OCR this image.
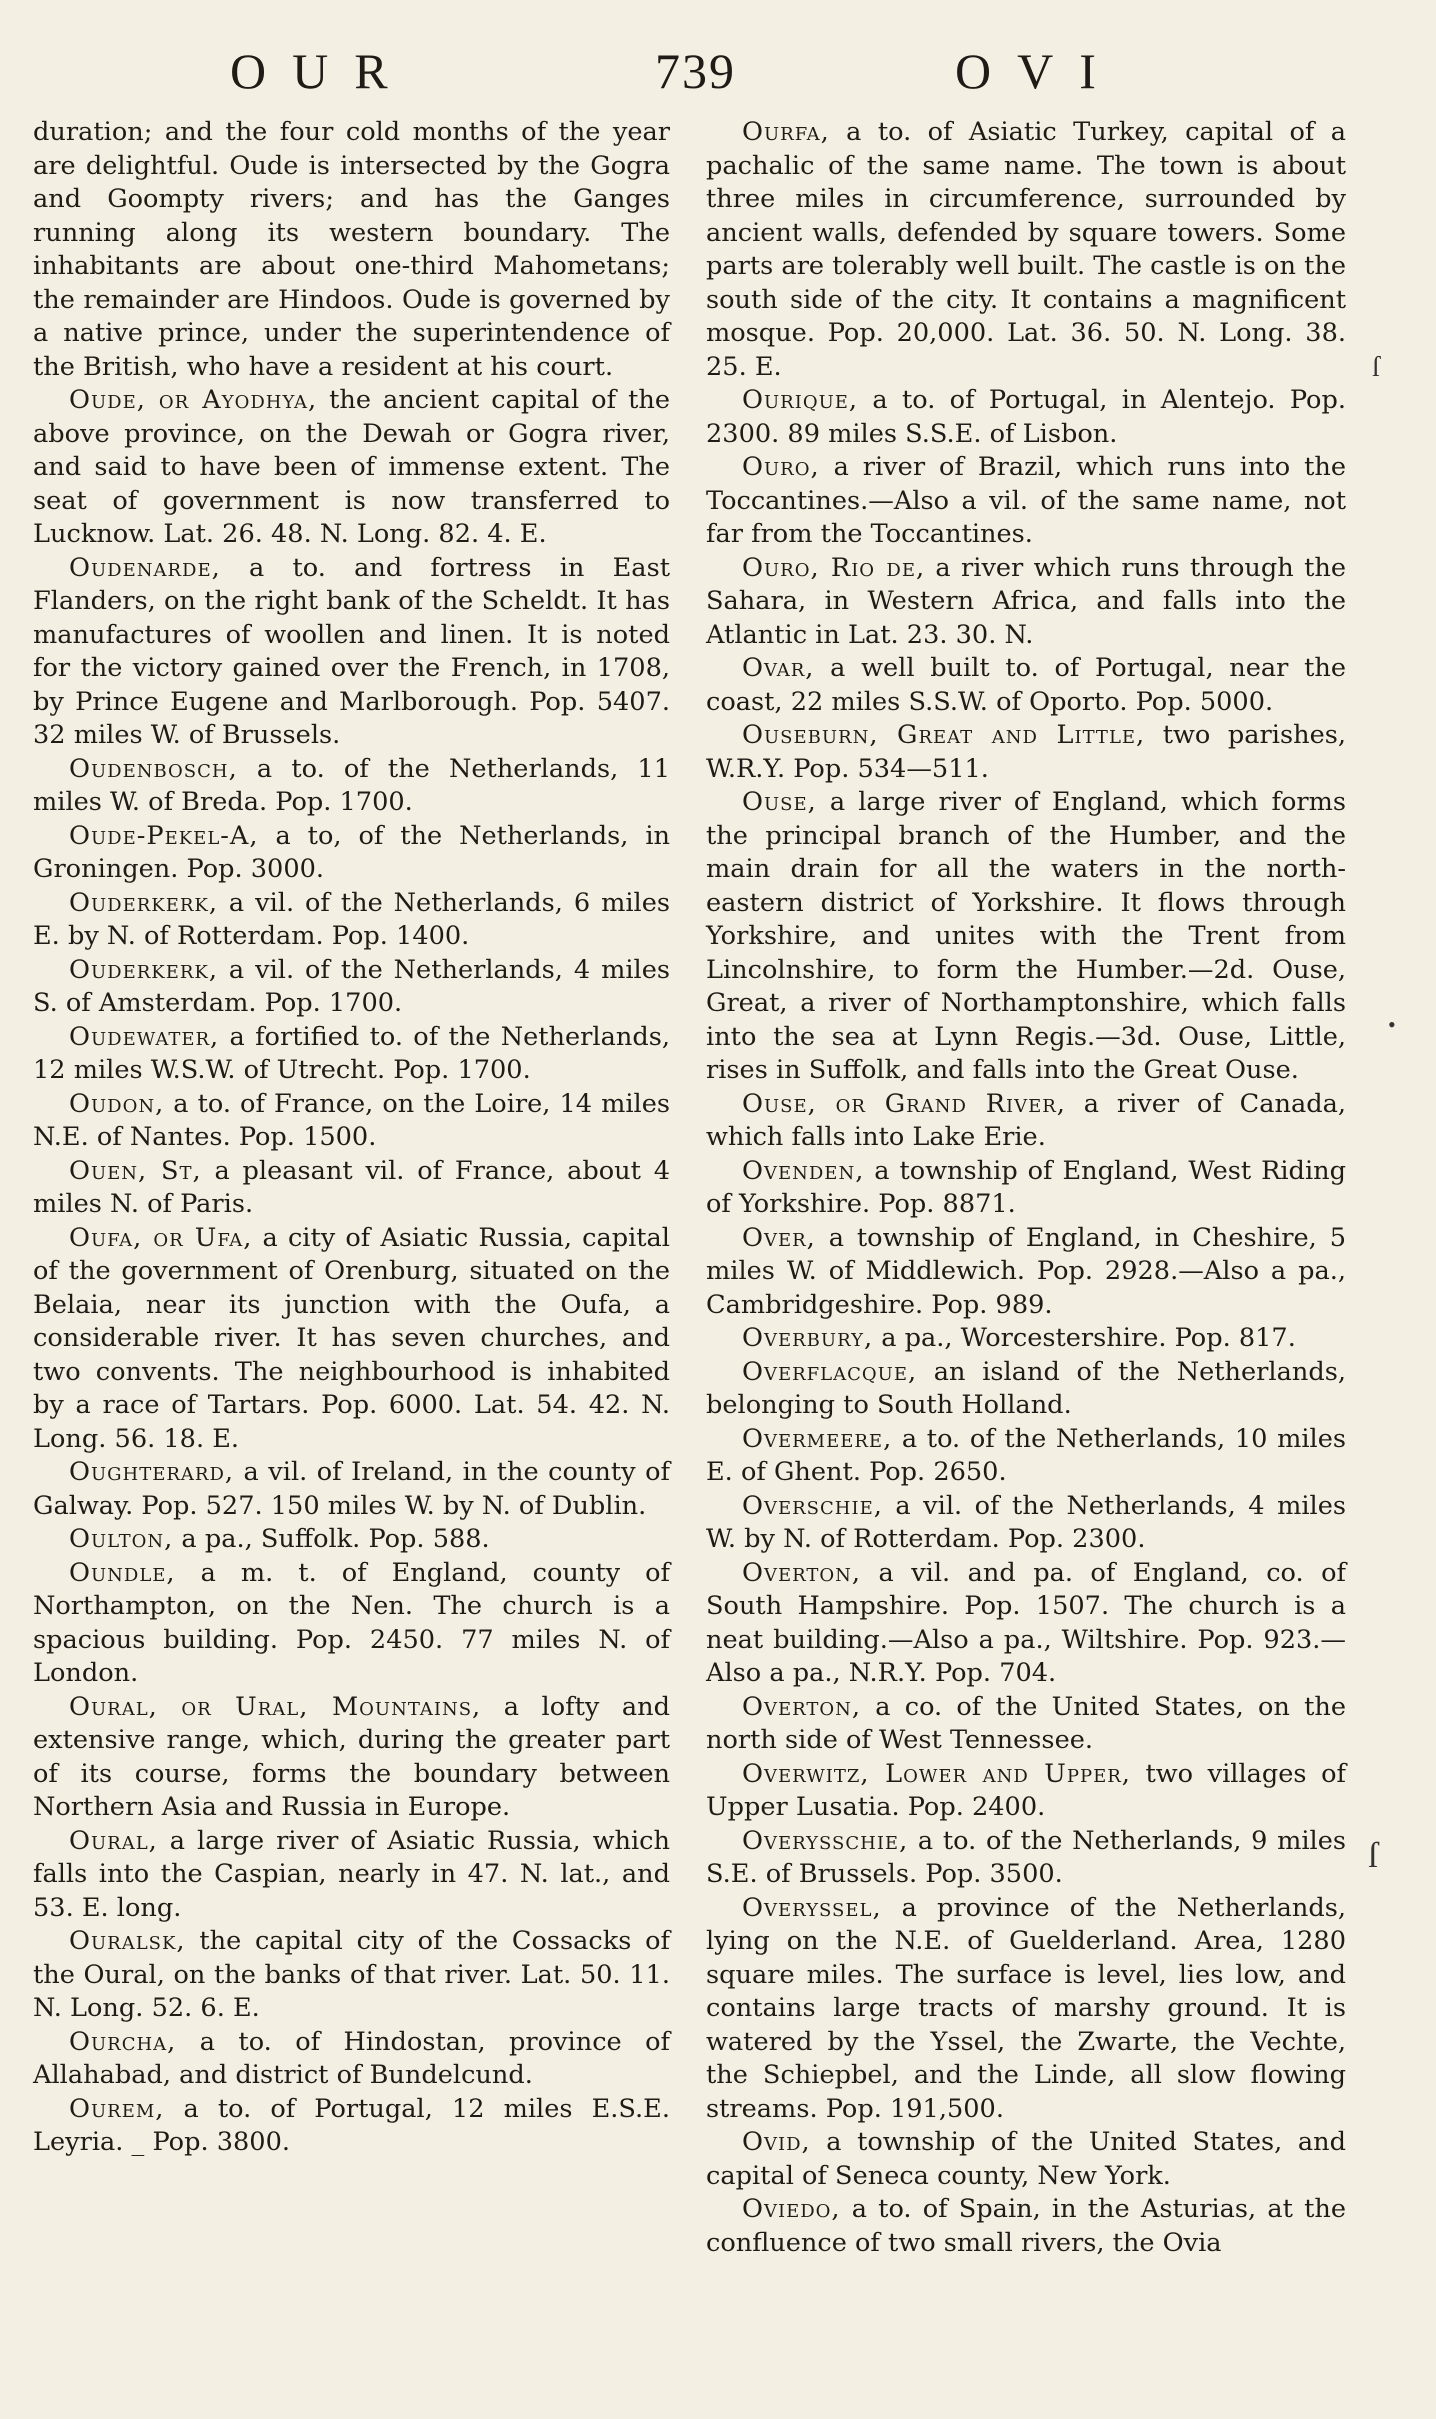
OUR	739	OVI

duration; and the four cold months of the year are delightful. Oude is intersected by the Gogra and Goompty rivers; and has the Ganges running along its western boundary. The inhabitants are about one-third Mahometans; the remainder are Hindoos. Oude is governed by a native prince, under the superintendence of the British, who have a resident at his court.

Oude, or Ayodhya, the ancient capital of the above province, on the Dewah or Gogra river, and said to have been of immense extent. The seat of government is now transferred to Lucknow. Lat. 26. 48. N. Long. 82. 4. E.

Oudenarde, a to. and fortress in East Flanders, on the right bank of the Scheldt. It has manufactures of woollen and linen. It is noted for the victory gained over the French, in 1708, by Prince Eugene and Marlborough. Pop. 5407. 32 miles W. of Brussels.

Oudenbosch, a to. of the Netherlands, 11 miles W. of Breda. Pop. 1700.

Oude-Pekel-A, a to, of the Netherlands, in Groningen. Pop. 3000.

Ouderkerk, a vil. of the Netherlands, 6 miles E. by N. of Rotterdam. Pop. 1400.

Ouderkerk, a vil. of the Netherlands, 4 miles S. of Amsterdam. Pop. 1700.

Oudewater, a fortified to. of the Netherlands, 12 miles W.S.W. of Utrecht. Pop. 1700.

Oudon, a to. of France, on the Loire, 14 miles N.E. of Nantes. Pop. 1500.

Ouen, St, a pleasant vil. of France, about 4 miles N. of Paris.

Oufa, or Ufa, a city of Asiatic Russia, capital of the government of Orenburg, situated on the Belaia, near its junction with the Oufa, a considerable river. It has seven churches, and two convents. The neighbourhood is inhabited by a race of Tartars. Pop. 6000. Lat. 54. 42. N. Long. 56. 18. E.

Oughterard, a vil. of Ireland, in the county of Galway. Pop. 527. 150 miles W. by N. of Dublin.

Oulton, a pa., Suffolk. Pop. 588.

Oundle, a m. t. of England, county of Northampton, on the Nen. The church is a spacious building. Pop. 2450. 77 miles N. of London.

Oural, or Ural, Mountains, a lofty and extensive range, which, during the greater part of its course, forms the boundary between Northern Asia and Russia in Europe.

Oural, a large river of Asiatic Russia, which falls into the Caspian, nearly in 47. N. lat., and 53. E. long.

Ouralsk, the capital city of the Cossacks of the Oural, on the banks of that river. Lat. 50. 11. N. Long. 52. 6. E.

Ourcha, a to. of Hindostan, province of Allahabad, and district of Bundelcund.

Ourem, a to. of Portugal, 12 miles E.S.E. Leyria. _ Pop. 3800.

Ourfa, a to. of Asiatic Turkey, capital of a pachalic of the same name. The town is about three miles in circumference, surrounded by ancient walls, defended by square towers. Some parts are tolerably well built. The castle is on the south side of the city. It contains a magnificent mosque. Pop. 20,000. Lat. 36. 50. N. Long. 38. 25. E.

Ourique, a to. of Portugal, in Alentejo. Pop. 2300. 89 miles S.S.E. of Lisbon.

Ouro, a river of Brazil, which runs into the Toccantines.—Also a vil. of the same name, not far from the Toccantines.

Ouro, Rio de, a river which runs through the Sahara, in Western Africa, and falls into the Atlantic in Lat. 23. 30. N.

Ovar, a well built to. of Portugal, near the coast, 22 miles S.S.W. of Oporto. Pop. 5000.

Ouseburn, Great and Little, two parishes, W.R.Y. Pop. 534—511.

Ouse, a large river of England, which forms the principal branch of the Humber, and the main drain for all the waters in the north-eastern district of Yorkshire. It flows through Yorkshire, and unites with the Trent from Lincolnshire, to form the Humber.—2d. Ouse, Great, a river of Northamptonshire, which falls into the sea at Lynn Regis.—3d. Ouse, Little, rises in Suffolk, and falls into the Great Ouse.

Ouse, or Grand River, a river of Canada, which falls into Lake Erie.

Ovenden, a township of England, West Riding of Yorkshire. Pop. 8871.

Over, a township of England, in Cheshire, 5 miles W. of Middlewich. Pop. 2928.—Also a pa., Cambridgeshire. Pop. 989.

Overbury, a pa., Worcestershire. Pop. 817.

Overflacque, an island of the Netherlands, belonging to South Holland.

Overmeere, a to. of the Netherlands, 10 miles E. of Ghent. Pop. 2650.

Overschie, a vil. of the Netherlands, 4 miles W. by N. of Rotterdam. Pop. 2300.

Overton, a vil. and pa. of England, co. of South Hampshire. Pop. 1507. The church is a neat building.—Also a pa., Wiltshire. Pop. 923.—Also a pa., N.R.Y. Pop. 704.

Overton, a co. of the United States, on the north side of West Tennessee.

Overwitz, Lower and Upper, two villages of Upper Lusatia. Pop. 2400.

Overysschie, a to. of the Netherlands, 9 miles S.E. of Brussels. Pop. 3500.

Overyssel, a province of the Netherlands, lying on the N.E. of Guelderland. Area, 1280 square miles. The surface is level, lies low, and contains large tracts of marshy ground. It is watered by the Yssel, the Zwarte, the Vechte, the Schiepbel, and the Linde, all slow flowing streams. Pop. 191,500.

Ovid, a township of the United States, and capital of Seneca county, New York.

Oviedo, a to. of Spain, in the Asturias, at the confluence of two small rivers, the Ovia

ſ
•
ſ
